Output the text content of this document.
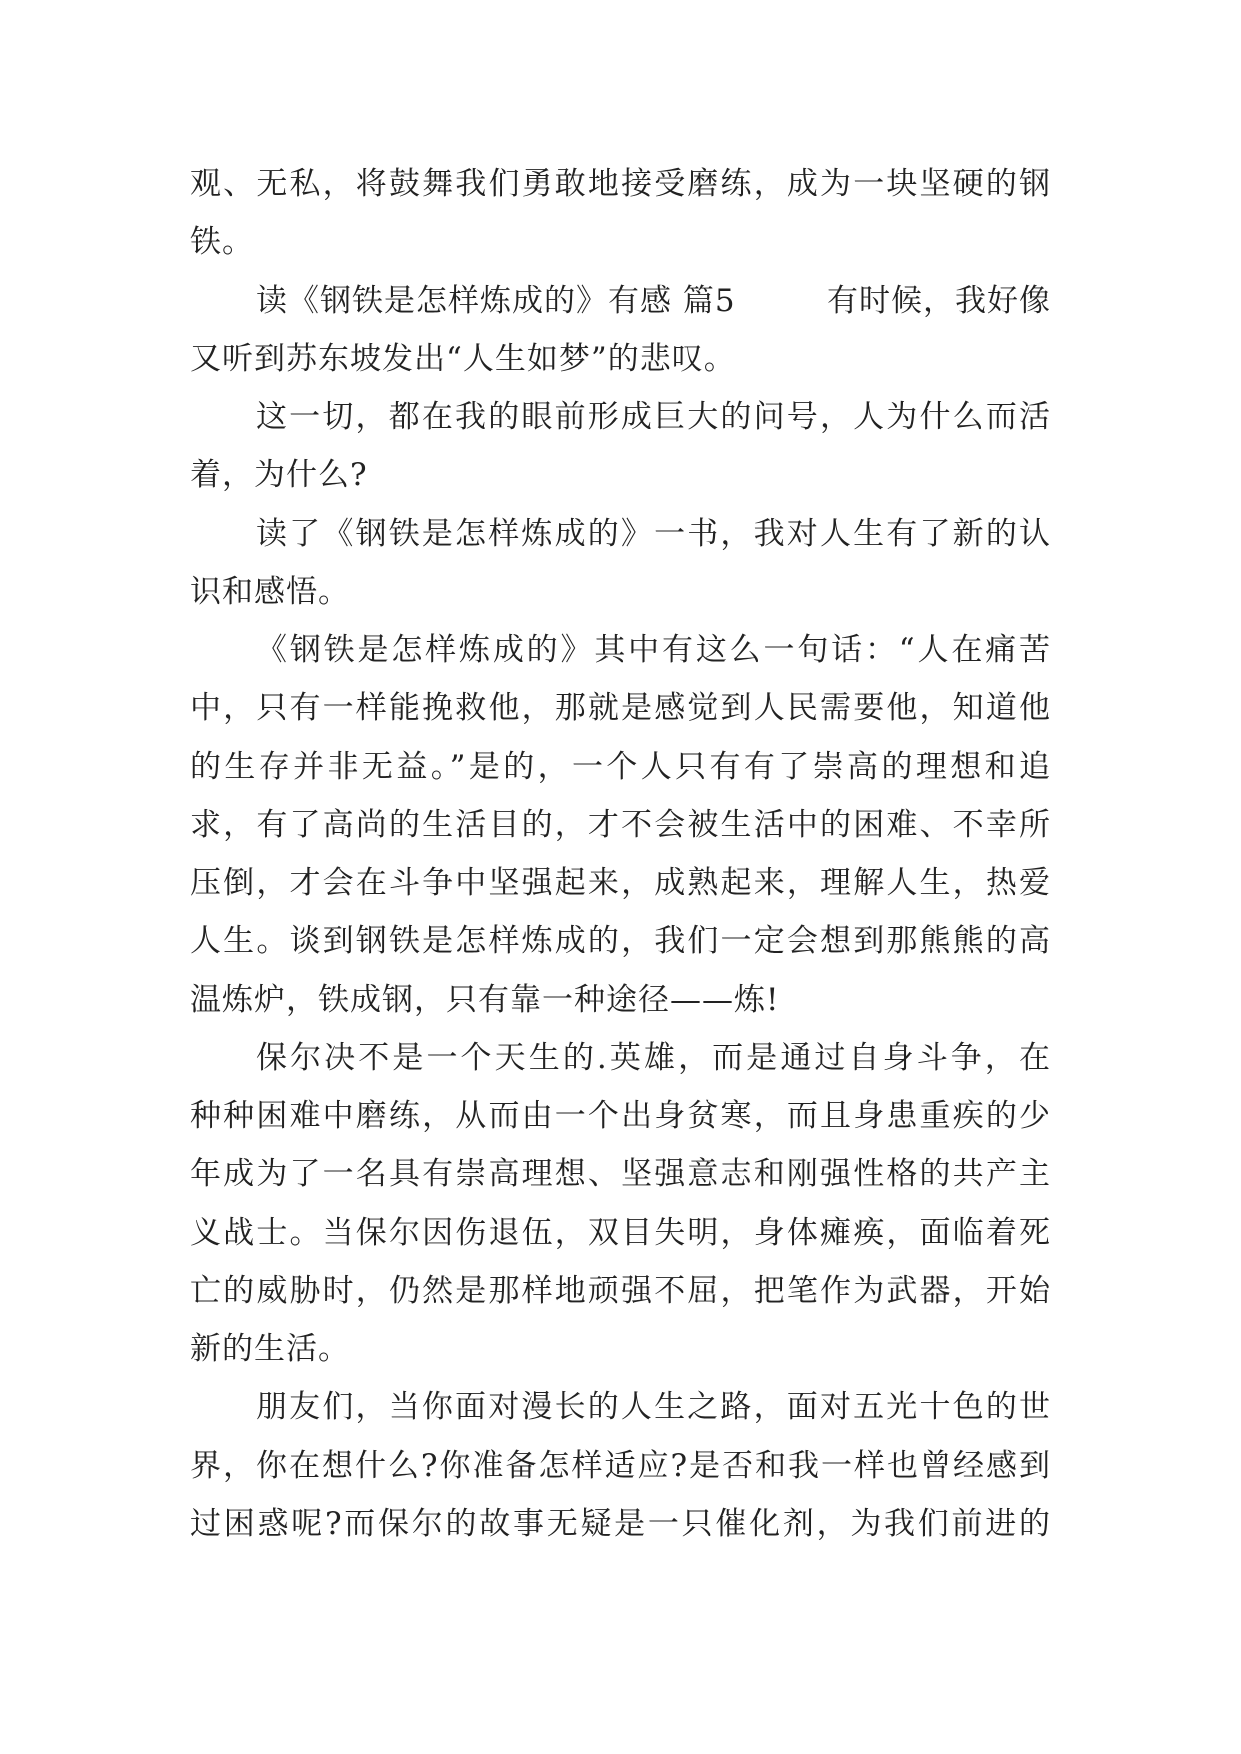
观、无私，将鼓舞我们勇敢地接受磨练，成为一块坚硬的钢
铁。
读《钢铁是怎样炼成的》有感 篇5	有时候，我好像
又听到苏东坡发出“人生如梦”的悲叹。
这一切，都在我的眼前形成巨大的问号，人为什么而活
着，为什么?
读了《钢铁是怎样炼成的》一书，我对人生有了新的认
识和感悟。
《钢铁是怎样炼成的》其中有这么一句话：“人在痛苦
中，只有一样能挽救他，那就是感觉到人民需要他，知道他
的生存并非无益。”是的，一个人只有有了崇高的理想和追
求，有了高尚的生活目的，才不会被生活中的困难、不幸所
压倒，才会在斗争中坚强起来，成熟起来，理解人生，热爱
人生。谈到钢铁是怎样炼成的，我们一定会想到那熊熊的高
温炼炉，铁成钢，只有靠一种途径——炼!
保尔决不是一个天生的.英雄，而是通过自身斗争，在
种种困难中磨练，从而由一个出身贫寒，而且身患重疾的少
年成为了一名具有崇高理想、坚强意志和刚强性格的共产主
义战士。当保尔因伤退伍，双目失明，身体瘫痪，面临着死
亡的威胁时，仍然是那样地顽强不屈，把笔作为武器，开始
新的生活。
朋友们，当你面对漫长的人生之路，面对五光十色的世
界，你在想什么?你准备怎样适应?是否和我一样也曾经感到
过困惑呢?而保尔的故事无疑是一只催化剂，为我们前进的
